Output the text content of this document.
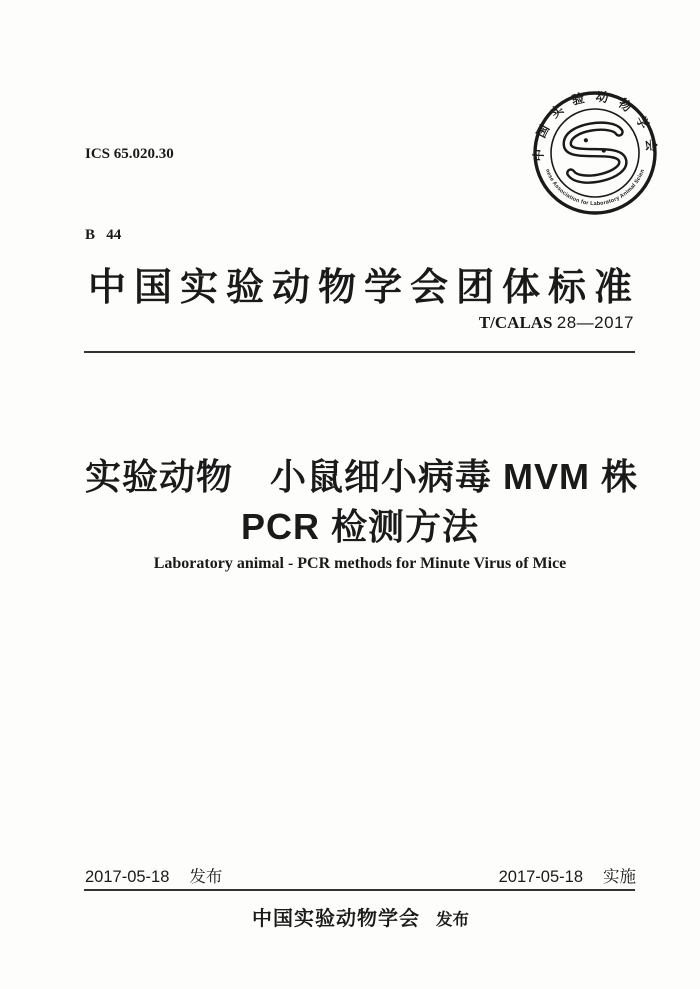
ICS 65.020.30

B   44

中国实验动物学会
Chinese Association for Laboratory Animal Sciences
中国实验动物学会团体标准
T/CALAS 28—2017
实验动物　小鼠细小病毒 MVM 株
PCR 检测方法
Laboratory animal - PCR methods for Minute Virus of Mice
2017-05-18 发布	2017-05-18 实施
中国实验动物学会 发布
